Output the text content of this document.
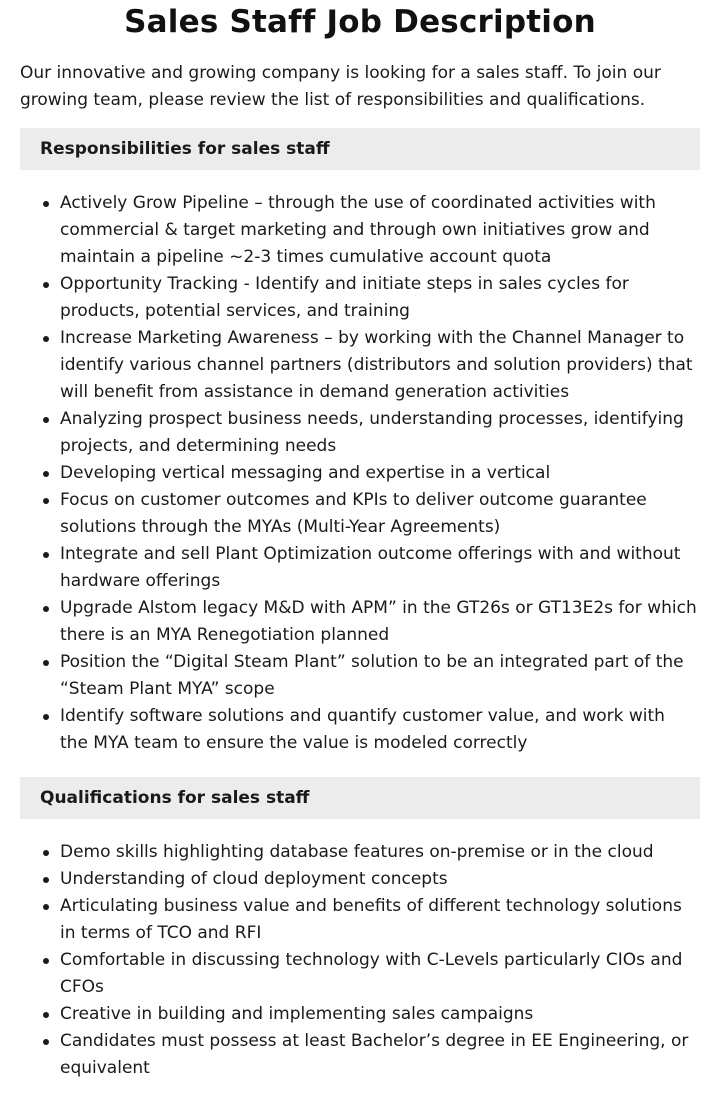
Sales Staff Job Description

Our innovative and growing company is looking for a sales staff. To join our growing team, please review the list of responsibilities and qualifications.

Responsibilities for sales staff
Actively Grow Pipeline – through the use of coordinated activities with commercial & target marketing and through own initiatives grow and maintain a pipeline ~2-3 times cumulative account quota
Opportunity Tracking - Identify and initiate steps in sales cycles for products, potential services, and training
Increase Marketing Awareness – by working with the Channel Manager to identify various channel partners (distributors and solution providers) that will benefit from assistance in demand generation activities
Analyzing prospect business needs, understanding processes, identifying projects, and determining needs
Developing vertical messaging and expertise in a vertical
Focus on customer outcomes and KPIs to deliver outcome guarantee solutions through the MYAs (Multi-Year Agreements)
Integrate and sell Plant Optimization outcome offerings with and without hardware offerings
Upgrade Alstom legacy M&D with APM” in the GT26s or GT13E2s for which there is an MYA Renegotiation planned
Position the “Digital Steam Plant” solution to be an integrated part of the “Steam Plant MYA” scope
Identify software solutions and quantify customer value, and work with the MYA team to ensure the value is modeled correctly
Qualifications for sales staff
Demo skills highlighting database features on-premise or in the cloud
Understanding of cloud deployment concepts
Articulating business value and benefits of different technology solutions in terms of TCO and RFI
Comfortable in discussing technology with C-Levels particularly CIOs and CFOs
Creative in building and implementing sales campaigns
Candidates must possess at least Bachelor’s degree in EE Engineering, or equivalent
